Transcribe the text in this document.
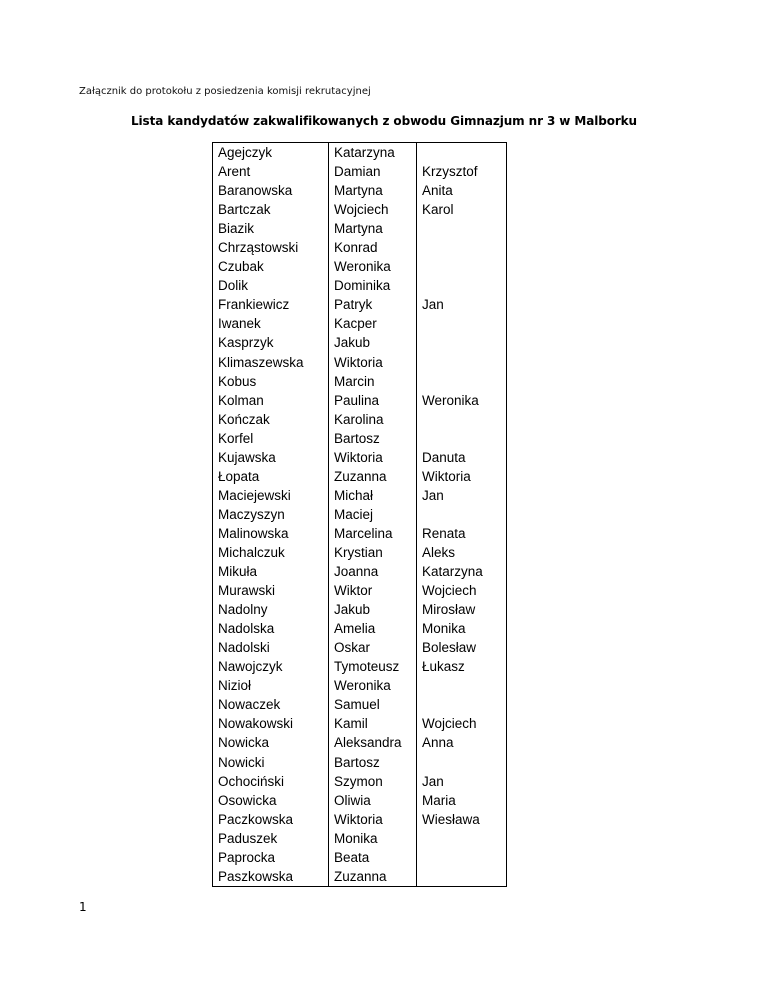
Załącznik do protokołu z posiedzenia komisji rekrutacyjnej
Lista kandydatów zakwalifikowanych z obwodu Gimnazjum nr 3 w Malborku
Agejczyk	Katarzyna	
Arent	Damian	Krzysztof
Baranowska	Martyna	Anita
Bartczak	Wojciech	Karol
Biazik	Martyna	
Chrząstowski	Konrad	
Czubak	Weronika	
Dolik	Dominika	
Frankiewicz	Patryk	Jan
Iwanek	Kacper	
Kasprzyk	Jakub	
Klimaszewska	Wiktoria	
Kobus	Marcin	
Kolman	Paulina	Weronika
Kończak	Karolina	
Korfel	Bartosz	
Kujawska	Wiktoria	Danuta
Łopata	Zuzanna	Wiktoria
Maciejewski	Michał	Jan
Maczyszyn	Maciej	
Malinowska	Marcelina	Renata
Michalczuk	Krystian	Aleks
Mikuła	Joanna	Katarzyna
Murawski	Wiktor	Wojciech
Nadolny	Jakub	Mirosław
Nadolska	Amelia	Monika
Nadolski	Oskar	Bolesław
Nawojczyk	Tymoteusz	Łukasz
Nizioł	Weronika	
Nowaczek	Samuel	
Nowakowski	Kamil	Wojciech
Nowicka	Aleksandra	Anna
Nowicki	Bartosz	
Ochociński	Szymon	Jan
Osowicka	Oliwia	Maria
Paczkowska	Wiktoria	Wiesława
Paduszek	Monika	
Paprocka	Beata	
Paszkowska	Zuzanna	
1
